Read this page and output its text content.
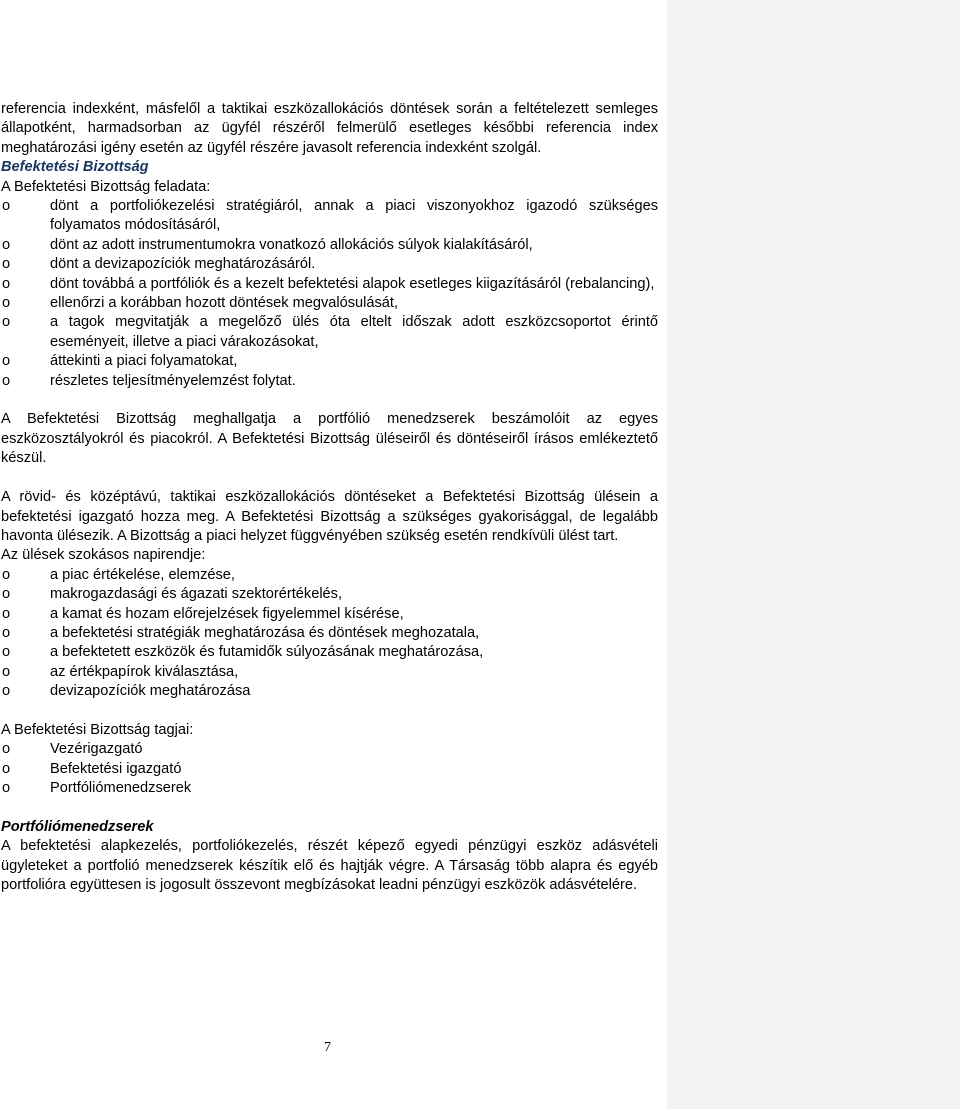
referencia indexként, másfelől a taktikai eszközallokációs döntések során a feltételezett semleges állapotként, harmadsorban az ügyfél részéről felmerülő esetleges későbbi referencia index meghatározási igény esetén az ügyfél részére javasolt referencia indexként szolgál.

Befektetési Bizottság

A Befektetési Bizottság feladata:

o	dönt a portfoliókezelési stratégiáról, annak a piaci viszonyokhoz igazodó szükséges folyamatos módosításáról,
o	dönt az adott instrumentumokra vonatkozó allokációs súlyok kialakításáról,
o	dönt a devizapozíciók meghatározásáról.
o	dönt továbbá a portfóliók és a kezelt befektetési alapok esetleges kiigazításáról (rebalancing),
o	ellenőrzi a korábban hozott döntések megvalósulását,
o	a tagok megvitatják a megelőző ülés óta eltelt időszak adott eszközcsoportot érintő eseményeit, illetve a piaci várakozásokat,
o	áttekinti a piaci folyamatokat,
o	részletes teljesítményelemzést folytat.

A Befektetési Bizottság meghallgatja a portfólió menedzserek beszámolóit az egyes eszközosztályokról és piacokról. A Befektetési Bizottság üléseiről és döntéseiről írásos emlékeztető készül.

A rövid- és középtávú, taktikai eszközallokációs döntéseket a Befektetési Bizottság ülésein a befektetési igazgató hozza meg. A Befektetési Bizottság a szükséges gyakorisággal, de legalább havonta ülésezik. A Bizottság a piaci helyzet függvényében szükség esetén rendkívüli ülést tart.

Az ülések szokásos napirendje:

o	a piac értékelése, elemzése,
o	makrogazdasági és ágazati szektorértékelés,
o	a kamat és hozam előrejelzések figyelemmel kísérése,
o	a befektetési stratégiák meghatározása és döntések meghozatala,
o	a befektetett eszközök és futamidők súlyozásának meghatározása,
o	az értékpapírok kiválasztása,
o	devizapozíciók meghatározása

A Befektetési Bizottság tagjai:

o	Vezérigazgató
o	Befektetési igazgató
o	Portfóliómenedzserek
Portfóliómenedzserek

A befektetési alapkezelés, portfoliókezelés, részét képező egyedi pénzügyi eszköz adásvételi ügyleteket a portfolió menedzserek készítik elő és hajtják végre. A Társaság több alapra és egyéb portfolióra együttesen is jogosult összevont megbízásokat leadni pénzügyi eszközök adásvételére.

7
